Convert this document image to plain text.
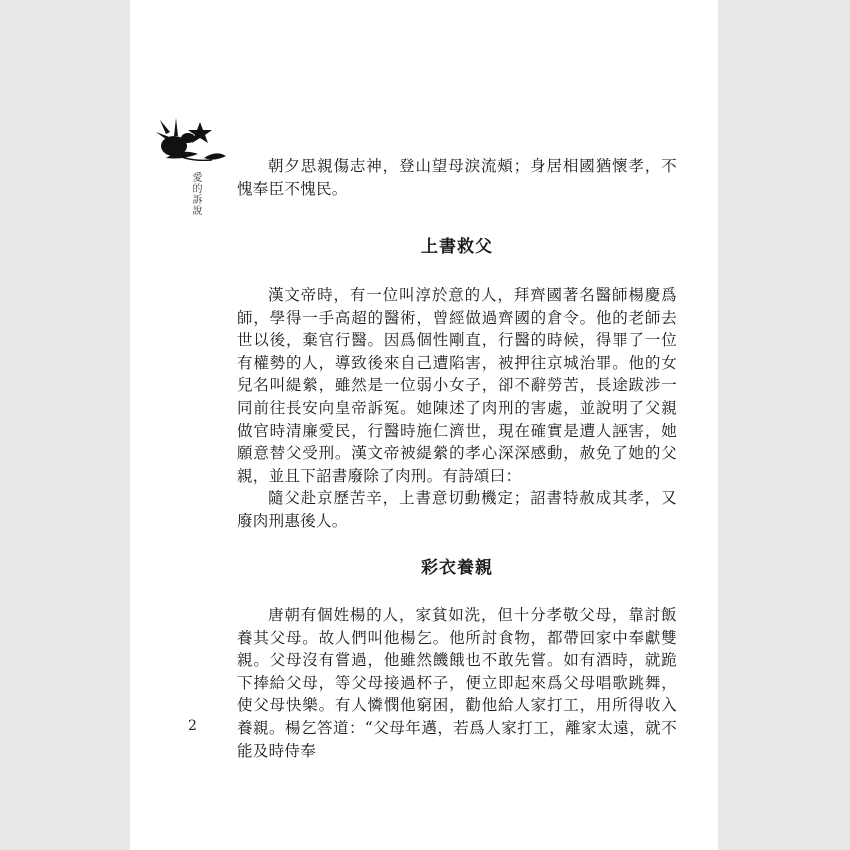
愛的訴說
2

朝夕思親傷志神，登山望母淚流頰；身居相國猶懷孝，不愧奉臣不愧民。

上書救父

漢文帝時，有一位叫淳於意的人，拜齊國著名醫師楊慶爲師，學得一手高超的醫術，曾經做過齊國的倉令。他的老師去世以後，棄官行醫。因爲個性剛直，行醫的時候，得罪了一位有權勢的人，導致後來自己遭陷害，被押往京城治罪。他的女兒名叫緹縈，雖然是一位弱小女子，卻不辭勞苦，長途跋涉一同前往長安向皇帝訴冤。她陳述了肉刑的害處，並說明了父親做官時清廉愛民，行醫時施仁濟世，現在確實是遭人誣害，她願意替父受刑。漢文帝被緹縈的孝心深深感動，赦免了她的父親，並且下詔書廢除了肉刑。有詩頌曰：

隨父赴京歷苦辛，上書意切動機定；詔書特赦成其孝，又廢肉刑惠後人。

彩衣養親

唐朝有個姓楊的人，家貧如洗，但十分孝敬父母，靠討飯養其父母。故人們叫他楊乞。他所討食物，都帶回家中奉獻雙親。父母沒有嘗過，他雖然饑餓也不敢先嘗。如有酒時，就跪下捧給父母，等父母接過杯子，便立即起來爲父母唱歌跳舞，使父母快樂。有人憐憫他窮困，勸他給人家打工，用所得收入養親。楊乞答道：“父母年邁，若爲人家打工，離家太遠，就不能及時侍奉
